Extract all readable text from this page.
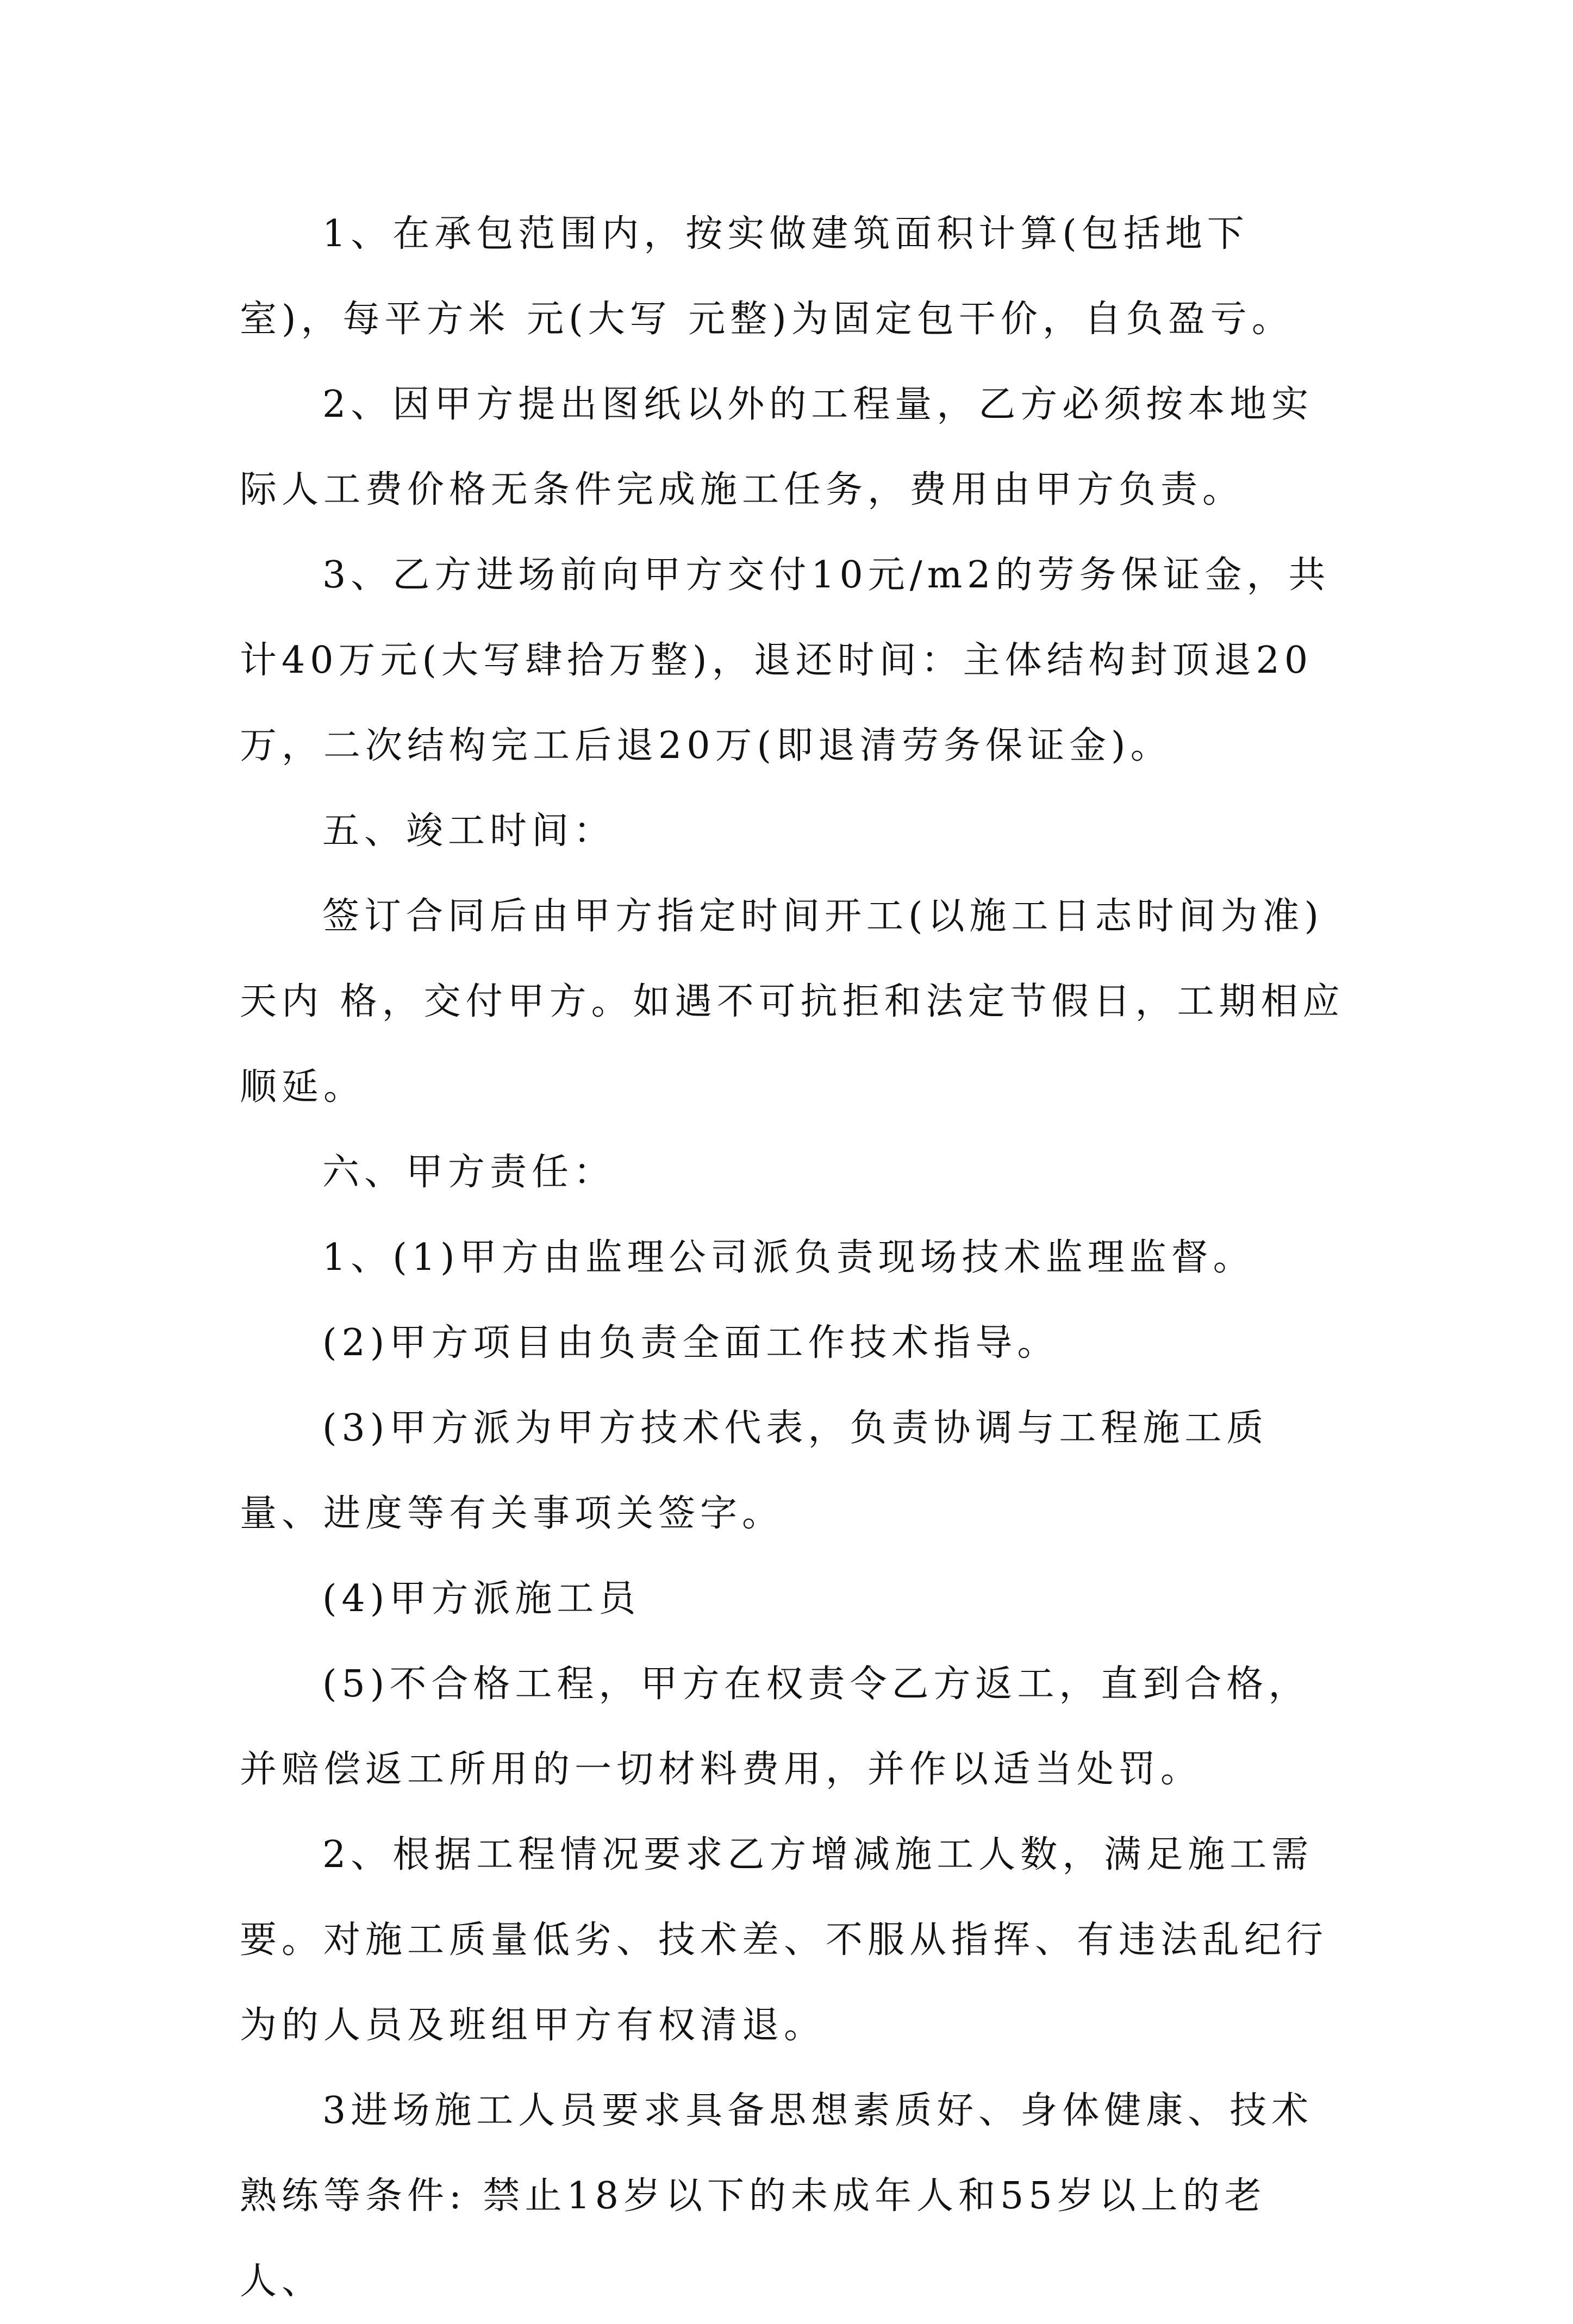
1、在承包范围内，按实做建筑面积计算(包括地下室)，每平方米 元(大写 元整)为固定包干价，自负盈亏。

2、因甲方提出图纸以外的工程量，乙方必须按本地实际人工费价格无条件完成施工任务，费用由甲方负责。

3、乙方进场前向甲方交付10元/m2的劳务保证金，共计40万元(大写肆拾万整)，退还时间：主体结构封顶退20万，二次结构完工后退20万(即退清劳务保证金)。

五、竣工时间：

签订合同后由甲方指定时间开工(以施工日志时间为准) 天内 格，交付甲方。如遇不可抗拒和法定节假日，工期相应顺延。

六、甲方责任：

1、(1)甲方由监理公司派负责现场技术监理监督。

(2)甲方项目由负责全面工作技术指导。

(3)甲方派为甲方技术代表，负责协调与工程施工质量、进度等有关事项关签字。

(4)甲方派施工员

(5)不合格工程，甲方在权责令乙方返工，直到合格，并赔偿返工所用的一切材料费用，并作以适当处罚。

2、根据工程情况要求乙方增减施工人数，满足施工需要。对施工质量低劣、技术差、不服从指挥、有违法乱纪行为的人员及班组甲方有权清退。

3进场施工人员要求具备思想素质好、身体健康、技术熟练等条件: 禁止18岁以下的未成年人和55岁以上的老人、
